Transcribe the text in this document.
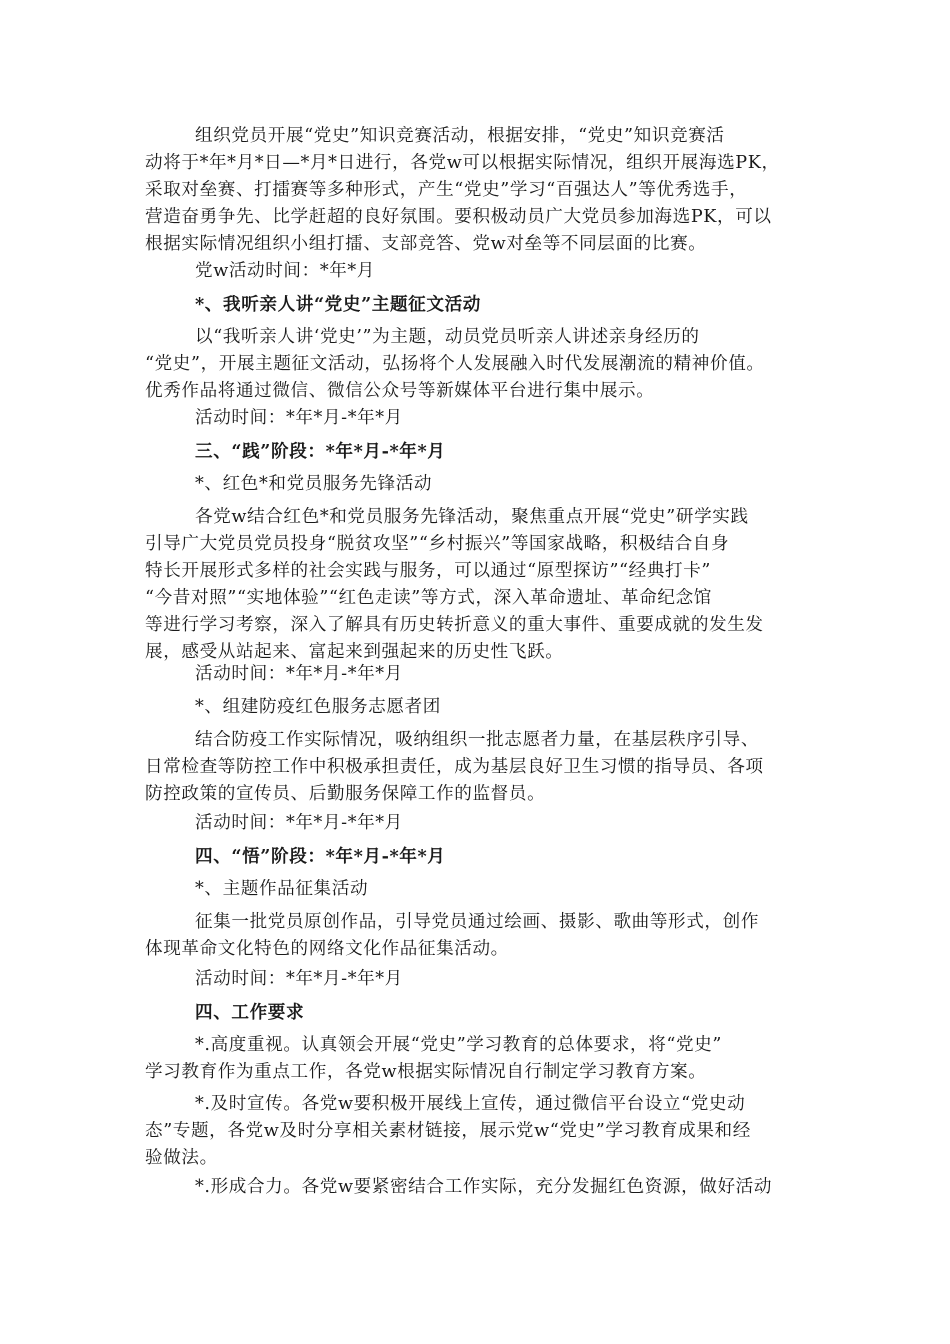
组织党员开展“党史”知识竞赛活动，根据安排，“党史”知识竞赛活
动将于*年*月*日—*月*日进行，各党w可以根据实际情况，组织开展海选PK，
采取对垒赛、打擂赛等多种形式，产生“党史”学习“百强达人”等优秀选手，
营造奋勇争先、比学赶超的良好氛围。要积极动员广大党员参加海选PK，可以
根据实际情况组织小组打擂、支部竞答、党w对垒等不同层面的比赛。
党w活动时间：*年*月
*、我听亲人讲“党史”主题征文活动
以“我听亲人讲‘党史’”为主题，动员党员听亲人讲述亲身经历的
“党史”，开展主题征文活动，弘扬将个人发展融入时代发展潮流的精神价值。
优秀作品将通过微信、微信公众号等新媒体平台进行集中展示。
活动时间：*年*月-*年*月
三、“践”阶段：*年*月-*年*月
*、红色*和党员服务先锋活动
各党w结合红色*和党员服务先锋活动，聚焦重点开展“党史”研学实践
引导广大党员党员投身“脱贫攻坚”“乡村振兴”等国家战略，积极结合自身
特长开展形式多样的社会实践与服务，可以通过“原型探访”“经典打卡”
“今昔对照”“实地体验”“红色走读”等方式，深入革命遗址、革命纪念馆
等进行学习考察，深入了解具有历史转折意义的重大事件、重要成就的发生发
展，感受从站起来、富起来到强起来的历史性飞跃。
活动时间：*年*月-*年*月
*、组建防疫红色服务志愿者团
结合防疫工作实际情况，吸纳组织一批志愿者力量，在基层秩序引导、
日常检查等防控工作中积极承担责任，成为基层良好卫生习惯的指导员、各项
防控政策的宣传员、后勤服务保障工作的监督员。
活动时间：*年*月-*年*月
四、“悟”阶段：*年*月-*年*月
*、主题作品征集活动
征集一批党员原创作品，引导党员通过绘画、摄影、歌曲等形式，创作
体现革命文化特色的网络文化作品征集活动。
活动时间：*年*月-*年*月
四、工作要求
*.高度重视。认真领会开展“党史”学习教育的总体要求，将“党史”
学习教育作为重点工作，各党w根据实际情况自行制定学习教育方案。
*.及时宣传。各党w要积极开展线上宣传，通过微信平台设立“党史动
态”专题，各党w及时分享相关素材链接，展示党w“党史”学习教育成果和经
验做法。
*.形成合力。各党w要紧密结合工作实际，充分发掘红色资源，做好活动
